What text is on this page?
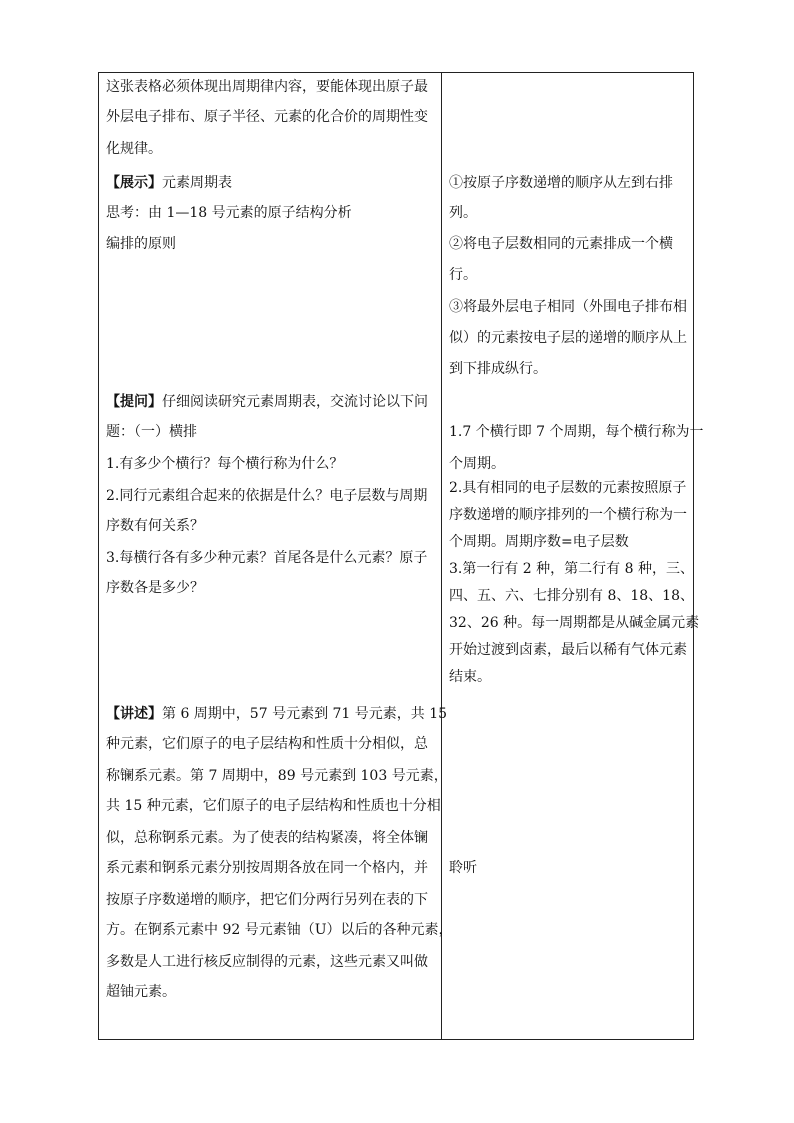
这张表格必须体现出周期律内容，要能体现出原子最
外层电子排布、原子半径、元素的化合价的周期性变
化规律。
【展示】元素周期表
思考：由 1—18 号元素的原子结构分析
编排的原则
【提问】仔细阅读研究元素周期表，交流讨论以下问
题：（一）横排
1.有多少个横行？每个横行称为什么？
2.同行元素组合起来的依据是什么？电子层数与周期
序数有何关系？
3.每横行各有多少种元素？首尾各是什么元素？原子
序数各是多少？
【讲述】第 6 周期中，57 号元素到 71 号元素，共 15
种元素，它们原子的电子层结构和性质十分相似，总
称镧系元素。第 7 周期中，89 号元素到 103 号元素，
共 15 种元素，它们原子的电子层结构和性质也十分相
似，总称锕系元素。为了使表的结构紧凑，将全体镧
系元素和锕系元素分别按周期各放在同一个格内，并
按原子序数递增的顺序，把它们分两行另列在表的下
方。在锕系元素中 92 号元素铀（U）以后的各种元素，
多数是人工进行核反应制得的元素，这些元素又叫做
超铀元素。
①按原子序数递增的顺序从左到右排
列。
②将电子层数相同的元素排成一个横
行。
③将最外层电子相同（外围电子排布相
似）的元素按电子层的递增的顺序从上
到下排成纵行。
1.7 个横行即 7 个周期，每个横行称为一
个周期。
2.具有相同的电子层数的元素按照原子
序数递增的顺序排列的一个横行称为一
个周期。周期序数=电子层数
3.第一行有 2 种，第二行有 8 种，三、
四、五、六、七排分别有 8、18、18、
32、26 种。每一周期都是从碱金属元素
开始过渡到卤素，最后以稀有气体元素
结束。
聆听
